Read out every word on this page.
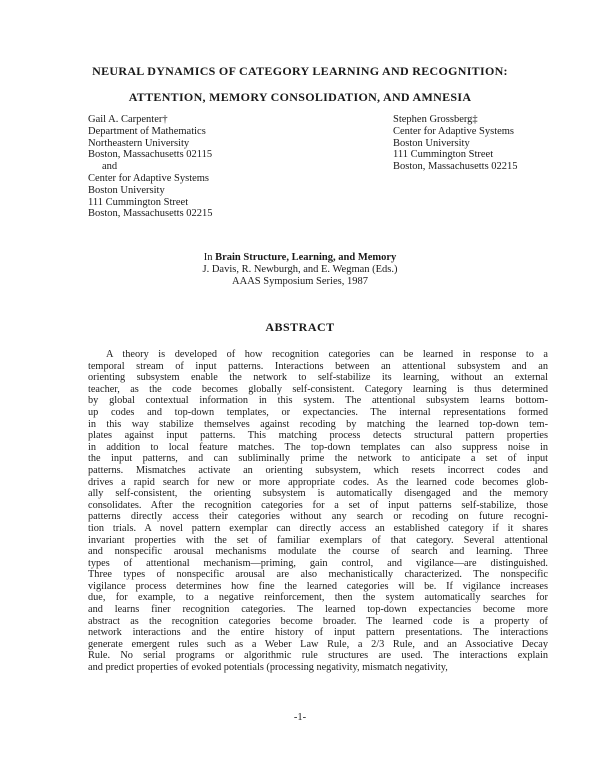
NEURAL DYNAMICS OF CATEGORY LEARNING AND RECOGNITION:
ATTENTION, MEMORY CONSOLIDATION, AND AMNESIA
Gail A. Carpenter†
Department of Mathematics
Northeastern University
Boston, Massachusetts 02115
and
Center for Adaptive Systems
Boston University
111 Cummington Street
Boston, Massachusetts 02215
Stephen Grossberg‡
Center for Adaptive Systems
Boston University
111 Cummington Street
Boston, Massachusetts 02215
In Brain Structure, Learning, and Memory
J. Davis, R. Newburgh, and E. Wegman (Eds.)
AAAS Symposium Series, 1987
ABSTRACT
A theory is developed of how recognition categories can be learned in response to a
temporal stream of input patterns. Interactions between an attentional subsystem and an
orienting subsystem enable the network to self-stabilize its learning, without an external
teacher, as the code becomes globally self-consistent. Category learning is thus determined
by global contextual information in this system. The attentional subsystem learns bottom-
up codes and top-down templates, or expectancies. The internal representations formed
in this way stabilize themselves against recoding by matching the learned top-down tem-
plates against input patterns. This matching process detects structural pattern properties
in addition to local feature matches. The top-down templates can also suppress noise in
the input patterns, and can subliminally prime the network to anticipate a set of input
patterns. Mismatches activate an orienting subsystem, which resets incorrect codes and
drives a rapid search for new or more appropriate codes. As the learned code becomes glob-
ally self-consistent, the orienting subsystem is automatically disengaged and the memory
consolidates. After the recognition categories for a set of input patterns self-stabilize, those
patterns directly access their categories without any search or recoding on future recogni-
tion trials. A novel pattern exemplar can directly access an established category if it shares
invariant properties with the set of familiar exemplars of that category. Several attentional
and nonspecific arousal mechanisms modulate the course of search and learning. Three
types of attentional mechanism—priming, gain control, and vigilance—are distinguished.
Three types of nonspecific arousal are also mechanistically characterized. The nonspecific
vigilance process determines how fine the learned categories will be. If vigilance increases
due, for example, to a negative reinforcement, then the system automatically searches for
and learns finer recognition categories. The learned top-down expectancies become more
abstract as the recognition categories become broader. The learned code is a property of
network interactions and the entire history of input pattern presentations. The interactions
generate emergent rules such as a Weber Law Rule, a 2/3 Rule, and an Associative Decay
Rule. No serial programs or algorithmic rule structures are used. The interactions explain
and predict properties of evoked potentials (processing negativity, mismatch negativity,
-1-
